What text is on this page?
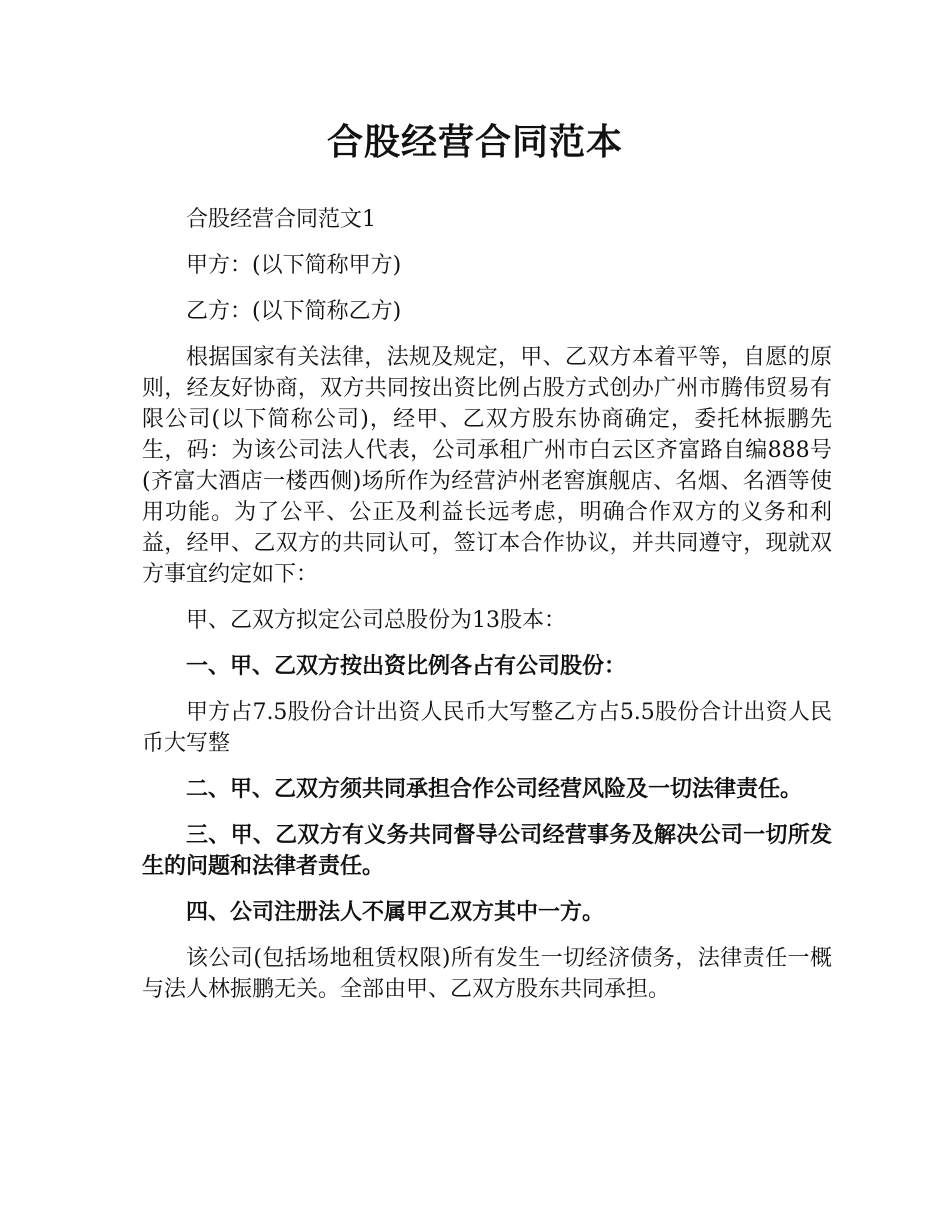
合股经营合同范本

合股经营合同范文1

甲方：(以下简称甲方)

乙方：(以下简称乙方)

根据国家有关法律，法规及规定，甲、乙双方本着平等，自愿的原则，经友好协商，双方共同按出资比例占股方式创办广州市腾伟贸易有限公司(以下简称公司)，经甲、乙双方股东协商确定，委托林振鹏先生，码：为该公司法人代表，公司承租广州市白云区齐富路自编888号(齐富大酒店一楼西侧)场所作为经营泸州老窖旗舰店、名烟、名酒等使用功能。为了公平、公正及利益长远考虑，明确合作双方的义务和利益，经甲、乙双方的共同认可，签订本合作协议，并共同遵守，现就双方事宜约定如下：

甲、乙双方拟定公司总股份为13股本：

一、甲、乙双方按出资比例各占有公司股份：

甲方占7.5股份合计出资人民币大写整乙方占5.5股份合计出资人民币大写整

二、甲、乙双方须共同承担合作公司经营风险及一切法律责任。

三、甲、乙双方有义务共同督导公司经营事务及解决公司一切所发生的问题和法律者责任。

四、公司注册法人不属甲乙双方其中一方。

该公司(包括场地租赁权限)所有发生一切经济债务，法律责任一概与法人林振鹏无关。全部由甲、乙双方股东共同承担。
